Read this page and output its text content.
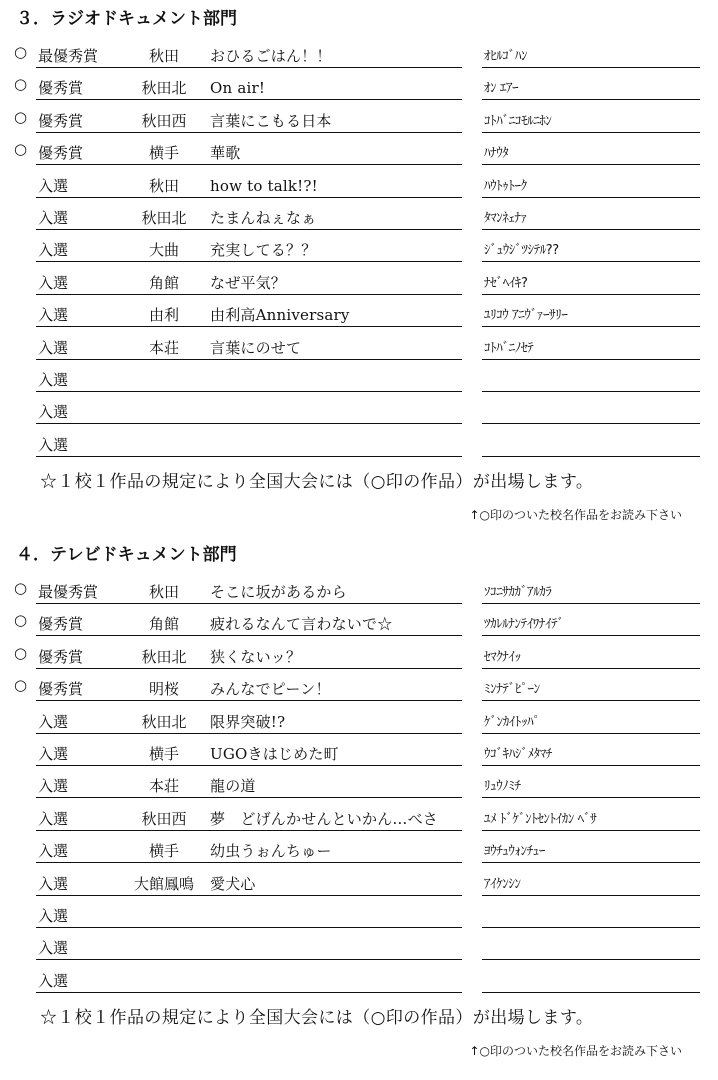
３．ラジオドキュメント部門
○ 最優秀賞	秋田	おひるごはん！！	ｵﾋﾙｺﾞﾊﾝ
○ 優秀賞	秋田北	On air!	ｵﾝ ｴｱｰ
○ 優秀賞	秋田西	言葉にこもる日本	ｺﾄﾊﾞﾆｺﾓﾙﾆﾎﾝ
○ 優秀賞	横手	華歌	ﾊﾅｳﾀ
入選	秋田	how to talk!?!	ﾊｳﾄｩﾄｰｸ
入選	秋田北	たまんねぇなぁ	ﾀﾏﾝﾈｪﾅｧ
入選	大曲	充実してる？？	ｼﾞｭｳｼﾞﾂｼﾃﾙ??
入選	角館	なぜ平気？	ﾅｾﾞﾍｲｷ?
入選	由利	由利高Anniversary	ﾕﾘｺｳ ｱﾆｳﾞｧｰｻﾘｰ
入選	本荘	言葉にのせて	ｺﾄﾊﾞﾆﾉｾﾃ
入選
入選
入選
☆１校１作品の規定により全国大会には（○印の作品）が出場します。
↑○印のついた校名作品をお読み下さい
４．テレビドキュメント部門
○ 最優秀賞	秋田	そこに坂があるから	ｿｺﾆｻｶｶﾞｱﾙｶﾗ
○ 優秀賞	角館	疲れるなんて言わないで☆	ﾂｶﾚﾙﾅﾝﾃｲﾜﾅｲﾃﾞ
○ 優秀賞	秋田北	狭くないッ？	ｾﾏｸﾅｲｯ
○ 優秀賞	明桜	みんなでピーン！	ﾐﾝﾅﾃﾞﾋﾟｰﾝ
入選	秋田北	限界突破!?	ｹﾞﾝｶｲﾄｯﾊﾟ
入選	横手	UGOきはじめた町	ｳｺﾞｷﾊｼﾞﾒﾀﾏﾁ
入選	本荘	龍の道	ﾘｭｳﾉﾐﾁ
入選	秋田西	夢　どげんかせんといかん…べさ	ﾕﾒ ﾄﾞｹﾞﾝﾄｾﾝﾄｲｶﾝ ﾍﾞｻ
入選	横手	幼虫うぉんちゅー	ﾖｳﾁｭｳｫﾝﾁｭｰ
入選	大館鳳鳴 愛犬心	ｱｲｹﾝｼﾝ
入選
入選
入選
☆１校１作品の規定により全国大会には（○印の作品）が出場します。
↑○印のついた校名作品をお読み下さい
